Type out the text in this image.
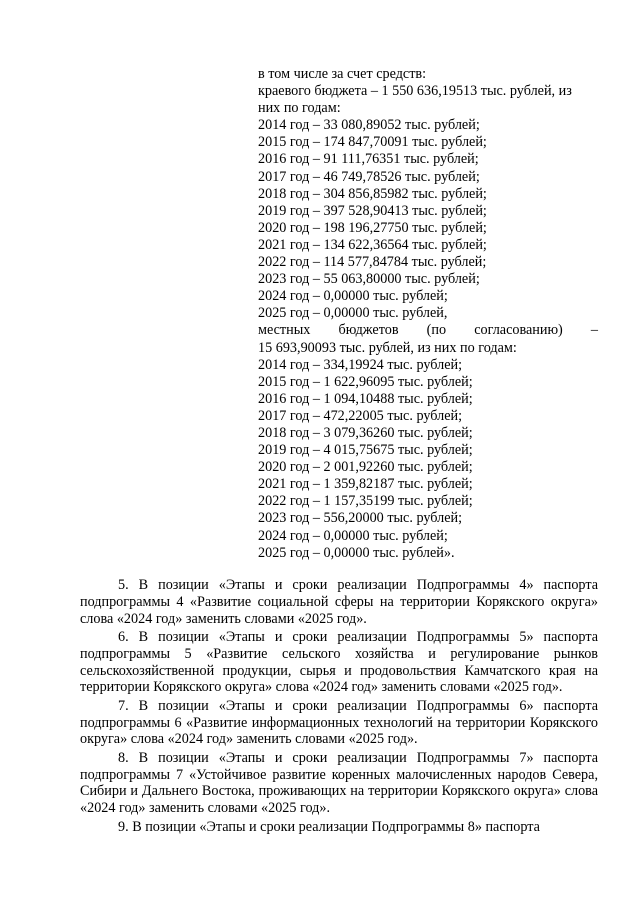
в том числе за счет средств:
краевого бюджета – 1 550 636,19513 тыс. рублей, из
них по годам:
2014 год – 33 080,89052 тыс. рублей;
2015 год – 174 847,70091 тыс. рублей;
2016 год – 91 111,76351 тыс. рублей;
2017 год – 46 749,78526 тыс. рублей;
2018 год – 304 856,85982 тыс. рублей;
2019 год – 397 528,90413 тыс. рублей;
2020 год – 198 196,27750 тыс. рублей;
2021 год – 134 622,36564 тыс. рублей;
2022 год – 114 577,84784 тыс. рублей;
2023 год – 55 063,80000 тыс. рублей;
2024 год – 0,00000 тыс. рублей;
2025 год – 0,00000 тыс. рублей,
местных бюджетов (по согласованию) –
15 693,90093 тыс. рублей, из них по годам:
2014 год – 334,19924 тыс. рублей;
2015 год – 1 622,96095 тыс. рублей;
2016 год – 1 094,10488 тыс. рублей;
2017 год – 472,22005 тыс. рублей;
2018 год – 3 079,36260 тыс. рублей;
2019 год – 4 015,75675 тыс. рублей;
2020 год – 2 001,92260 тыс. рублей;
2021 год – 1 359,82187 тыс. рублей;
2022 год – 1 157,35199 тыс. рублей;
2023 год – 556,20000 тыс. рублей;
2024 год – 0,00000 тыс. рублей;
2025 год – 0,00000 тыс. рублей».

5. В позиции «Этапы и сроки реализации Подпрограммы 4» паспорта подпрограммы 4 «Развитие социальной сферы на территории Корякского округа» слова «2024 год» заменить словами «2025 год».

6. В позиции «Этапы и сроки реализации Подпрограммы 5» паспорта подпрограммы 5 «Развитие сельского хозяйства и регулирование рынков сельскохозяйственной продукции, сырья и продовольствия Камчатского края на территории Корякского округа» слова «2024 год» заменить словами «2025 год».

7. В позиции «Этапы и сроки реализации Подпрограммы 6» паспорта подпрограммы 6 «Развитие информационных технологий на территории Корякского округа» слова «2024 год» заменить словами «2025 год».

8. В позиции «Этапы и сроки реализации Подпрограммы 7» паспорта подпрограммы 7 «Устойчивое развитие коренных малочисленных народов Севера, Сибири и Дальнего Востока, проживающих на территории Корякского округа» слова «2024 год» заменить словами «2025 год».

9. В позиции «Этапы и сроки реализации Подпрограммы 8» паспорта
